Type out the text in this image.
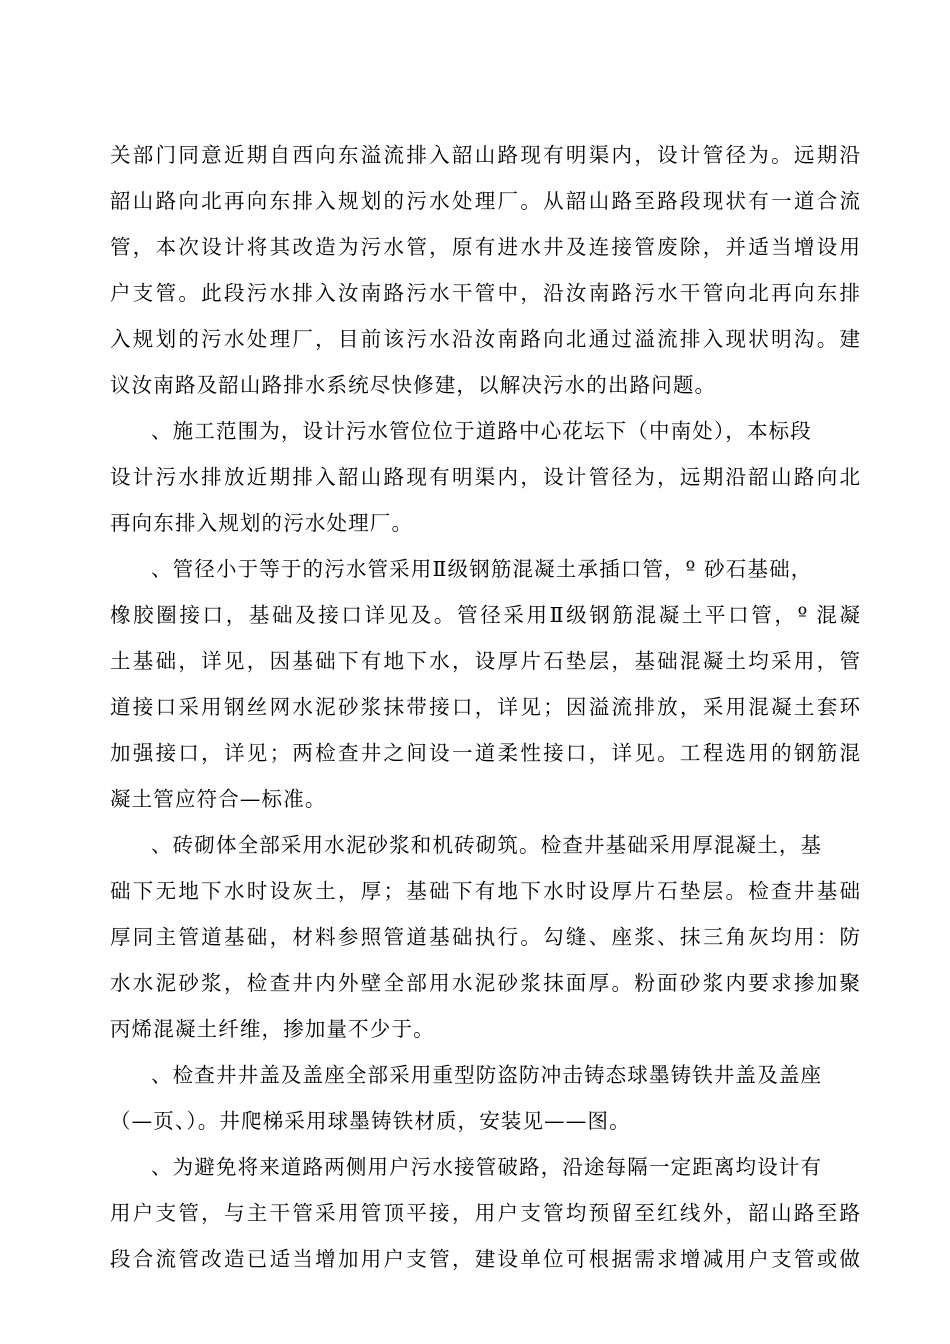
关部门同意近期自西向东溢流排入韶山路现有明渠内，设计管径为。远期沿
韶山路向北再向东排入规划的污水处理厂。从韶山路至路段现状有一道合流
管，本次设计将其改造为污水管，原有进水井及连接管废除，并适当增设用
户支管。此段污水排入汝南路污水干管中，沿汝南路污水干管向北再向东排
入规划的污水处理厂，目前该污水沿汝南路向北通过溢流排入现状明沟。建
议汝南路及韶山路排水系统尽快修建，以解决污水的出路问题。
、施工范围为，设计污水管位位于道路中心花坛下（中南处），本标段
设计污水排放近期排入韶山路现有明渠内，设计管径为，远期沿韶山路向北
再向东排入规划的污水处理厂。
、管径小于等于的污水管采用Ⅱ级钢筋混凝土承插口管，º 砂石基础，
橡胶圈接口，基础及接口详见及。管径采用Ⅱ级钢筋混凝土平口管，º 混凝
土基础，详见，因基础下有地下水，设厚片石垫层，基础混凝土均采用，管
道接口采用钢丝网水泥砂浆抹带接口，详见；因溢流排放，采用混凝土套环
加强接口，详见；两检查井之间设一道柔性接口，详见。工程选用的钢筋混
凝土管应符合—标准。
、砖砌体全部采用水泥砂浆和机砖砌筑。检查井基础采用厚混凝土，基
础下无地下水时设灰土，厚；基础下有地下水时设厚片石垫层。检查井基础
厚同主管道基础，材料参照管道基础执行。勾缝、座浆、抹三角灰均用：防
水水泥砂浆，检查井内外壁全部用水泥砂浆抹面厚。粉面砂浆内要求掺加聚
丙烯混凝土纤维，掺加量不少于。
、检查井井盖及盖座全部采用重型防盗防冲击铸态球墨铸铁井盖及盖座
（—页、）。井爬梯采用球墨铸铁材质，安装见——图。
、为避免将来道路两侧用户污水接管破路，沿途每隔一定距离均设计有
用户支管，与主干管采用管顶平接，用户支管均预留至红线外，韶山路至路
段合流管改造已适当增加用户支管，建设单位可根据需求增减用户支管或做
